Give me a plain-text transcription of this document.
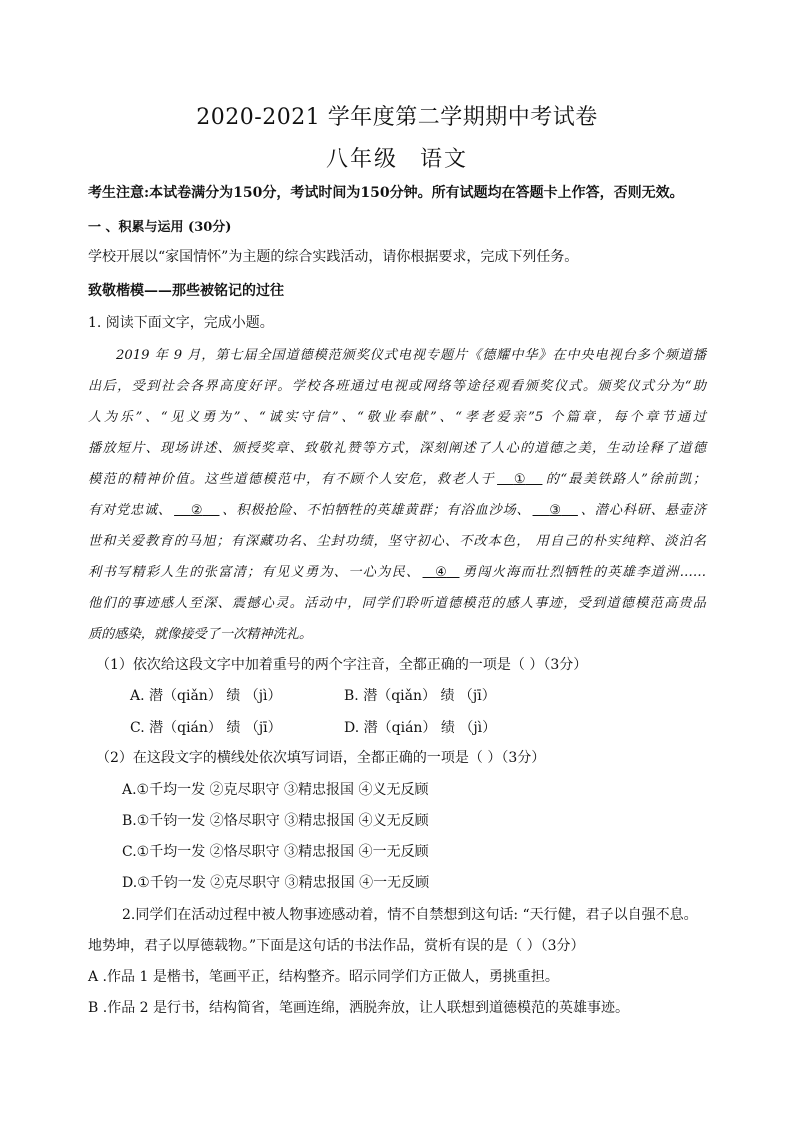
2020-2021 学年度第二学期期中考试卷
八年级 语文
考生注意:本试卷满分为150分，考试时间为150分钟。所有试题均在答题卡上作答，否则无效。
一 、积累与运用 (30分)
学校开展以“家国情怀”为主题的综合实践活动，请你根据要求，完成下列任务。
致敬楷模——那些被铭记的过往
1. 阅读下面文字，完成小题。
2019 年 9 月，第七届全国道德模范颁奖仪式电视专题片《德耀中华》在中央电视台多个频道播
出后，受到社会各界高度好评。学校各班通过电视或网络等途径观看颁奖仪式。颁奖仪式分为“助
人为乐”、“见义勇为”、“诚实守信”、“敬业奉献”、“孝老爱亲”5 个篇章，每个章节通过
播放短片、现场讲述、颁授奖章、致敬礼赞等方式，深刻阐述了人心的道德之美，生动诠释了道德
模范的精神价值。这些道德模范中，有不顾个人安危，救老人于 ① 的“最美铁路人”徐前凯；
有对党忠诚、 ② 、积极抢险、不怕牺牲的英雄黄群；有浴血沙场、 ③ 、潜心科研、悬壶济
世和关爱教育的马旭；有深藏功名、尘封功绩，坚守初心、不改本色， 用自己的朴实纯粹、淡泊名
利书写精彩人生的张富清；有见义勇为、一心为民、 ④ 勇闯火海而壮烈牺牲的英雄李道洲……
他们的事迹感人至深、震撼心灵。活动中，同学们聆听道德模范的感人事迹，受到道德模范高贵品
质的感染，就像接受了一次精神洗礼。
（1）依次给这段文字中加着重号的两个字注音，全都正确的一项是（ ）（3分）
A. 潜（qiǎn） 绩 （jì）	B. 潜（qiǎn） 绩 （jī）
C. 潜（qián） 绩 （jī）	D. 潜（qián） 绩 （jì）
（2）在这段文字的横线处依次填写词语，全都正确的一项是（ ）（3分）
A.①千均一发 ②克尽职守 ③精忠报国 ④义无反顾
B.①千钧一发 ②恪尽职守 ③精忠报国 ④义无反顾
C.①千均一发 ②恪尽职守 ③精忠报国 ④一无反顾
D.①千钧一发 ②克尽职守 ③精忠报国 ④一无反顾
2.同学们在活动过程中被人物事迹感动着，情不自禁想到这句话: “天行健，君子以自强不息。
地势坤，君子以厚德载物。”下面是这句话的书法作品，赏析有误的是（ ）（3分）
A .作品 1 是楷书，笔画平正，结构整齐。昭示同学们方正做人，勇挑重担。
B .作品 2 是行书，结构简省，笔画连绵，洒脱奔放，让人联想到道德模范的英雄事迹。
